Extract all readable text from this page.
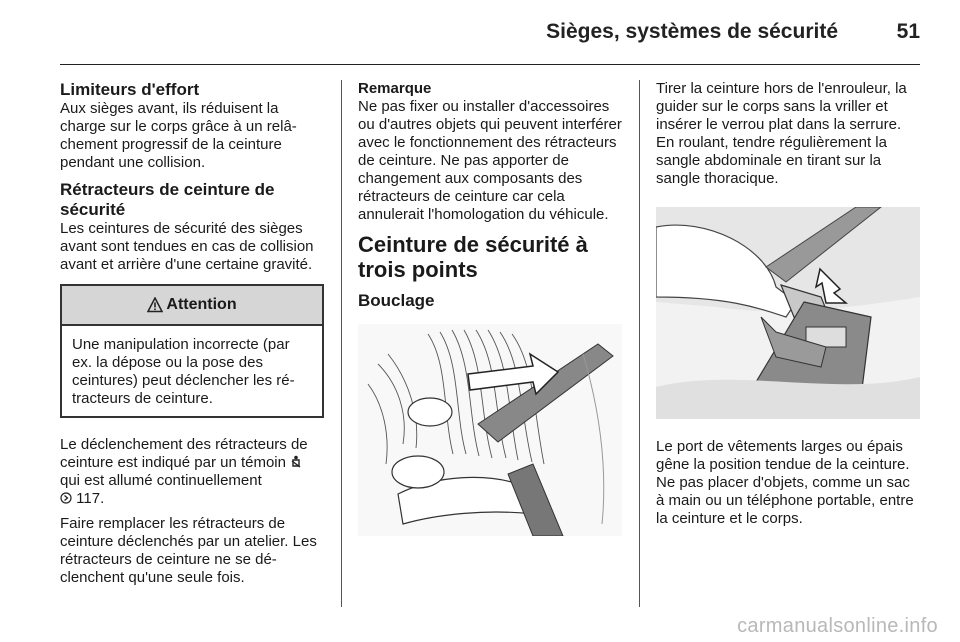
Sièges, systèmes de sécurité	51
Limiteurs d'effort

Aux sièges avant, ils réduisent la charge sur le corps grâce à un relâchement progressif de la ceinture pendant une collision.

Rétracteurs de ceinture de sécurité

Les ceintures de sécurité des sièges avant sont tendues en cas de collision avant et arrière d'une certaine gravité.

Attention
Une manipulation incorrecte (par ex. la dépose ou la pose des ceintures) peut déclencher les rétracteurs de ceinture.

Le déclenchement des rétracteurs de ceinture est indiqué par un témoin  qui est allumé continuellement
117.

Faire remplacer les rétracteurs de ceinture déclenchés par un atelier. Les rétracteurs de ceinture ne se déclenchent qu'une seule fois.

Remarque

Ne pas fixer ou installer d'accessoires ou d'autres objets qui peuvent interférer avec le fonctionnement des rétracteurs de ceinture. Ne pas apporter de changement aux composants des rétracteurs de ceinture car cela annulerait l'homologation du véhicule.

Ceinture de sécurité à trois points
Bouclage

Tirer la ceinture hors de l'enrouleur, la guider sur le corps sans la vriller et insérer le verrou plat dans la serrure. En roulant, tendre régulièrement la sangle abdominale en tirant sur la sangle thoracique.

Le port de vêtements larges ou épais gêne la position tendue de la ceinture. Ne pas placer d'objets, comme un sac à main ou un téléphone portable, entre la ceinture et le corps.

carmanualsonline.info
